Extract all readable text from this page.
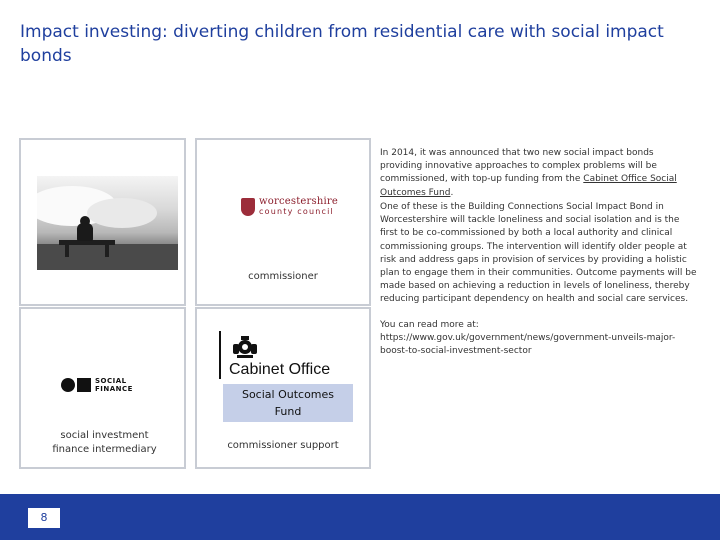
Impact investing: diverting children from residential care with social impact bonds
worcestershire
county council
commissioner
SOCIAL
FINANCE
social investment
finance intermediary
Cabinet Office
Social Outcomes
Fund
commissioner support
In 2014, it was announced that two new social impact bonds providing innovative approaches to complex problems will be commissioned, with top-up funding from the Cabinet Office Social Outcomes Fund.
One of these is the Building Connections Social Impact Bond in Worcestershire will tackle loneliness and social isolation and is the first to be co-commissioned by both a local authority and clinical commissioning groups. The intervention will identify older people at risk and address gaps in provision of services by providing a holistic plan to engage them in their communities. Outcome payments will be made based on achieving a reduction in levels of loneliness, thereby reducing participant dependency on health and social care services.
You can read more at:
https://www.gov.uk/government/news/government-unveils-major-boost-to-social-investment-sector
8
